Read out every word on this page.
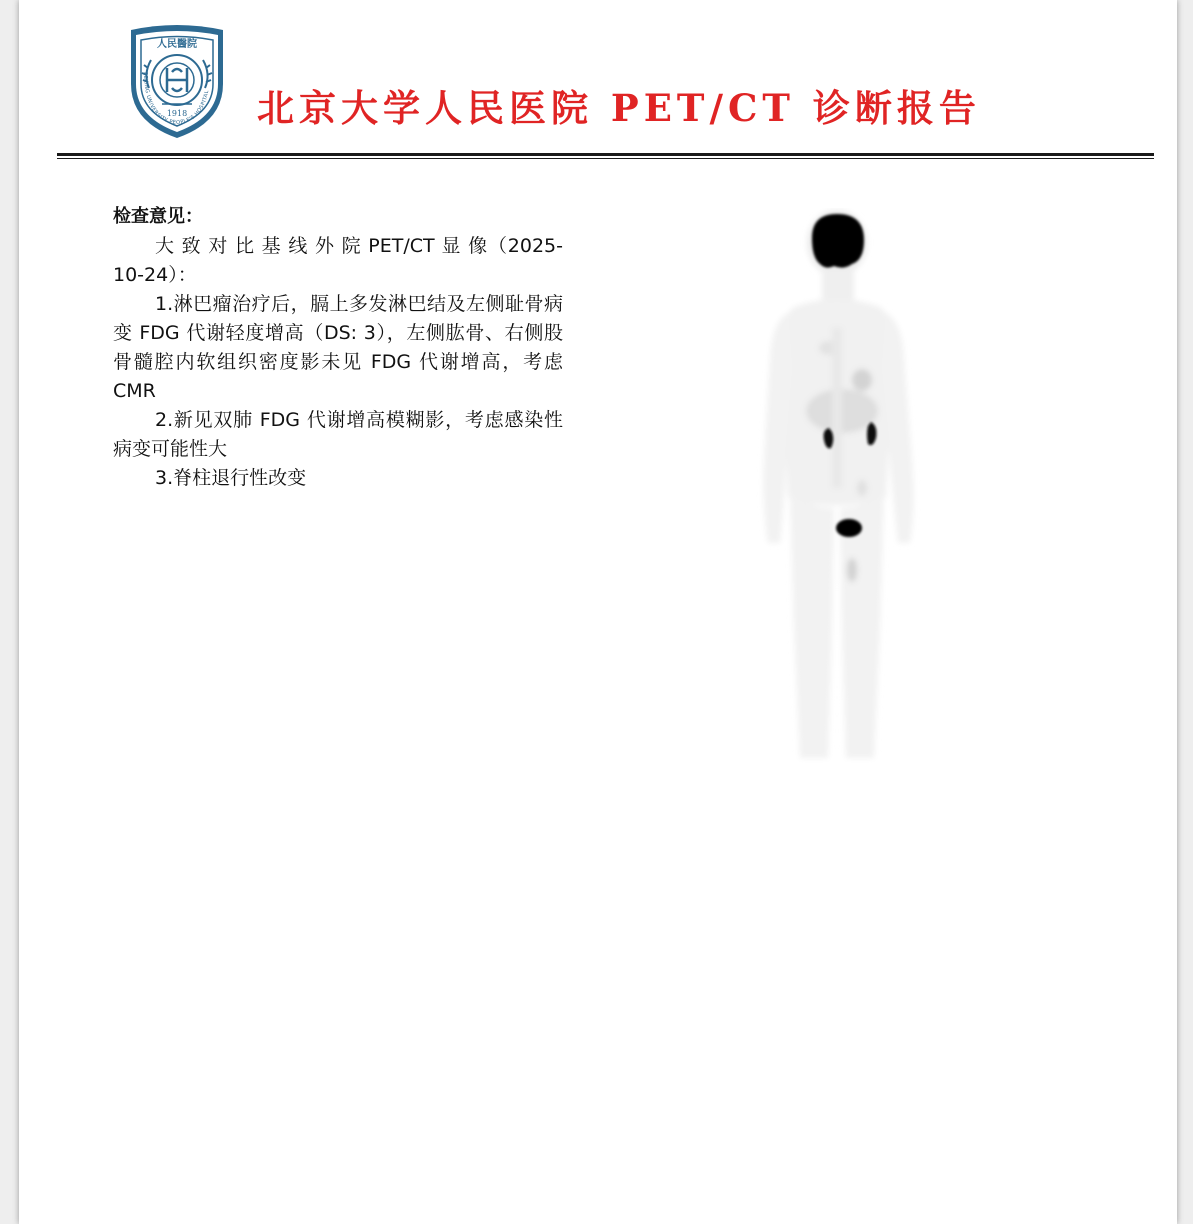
人民醫院
1918
PEKING UNIVERSITY PEOPLE'S HOSPITAL 北京大学人民医院 PET/CT 诊断报告
检查意见：

大 致 对 比 基 线 外 院 PET/CT 显 像（2025-10-24）：

1.淋巴瘤治疗后，膈上多发淋巴结及左侧耻骨病变 FDG 代谢轻度增高（DS: 3），左侧肱骨、右侧股骨髓腔内软组织密度影未见 FDG 代谢增高，考虑 CMR

2.新见双肺 FDG 代谢增高模糊影，考虑感染性病变可能性大

3.脊柱退行性改变
